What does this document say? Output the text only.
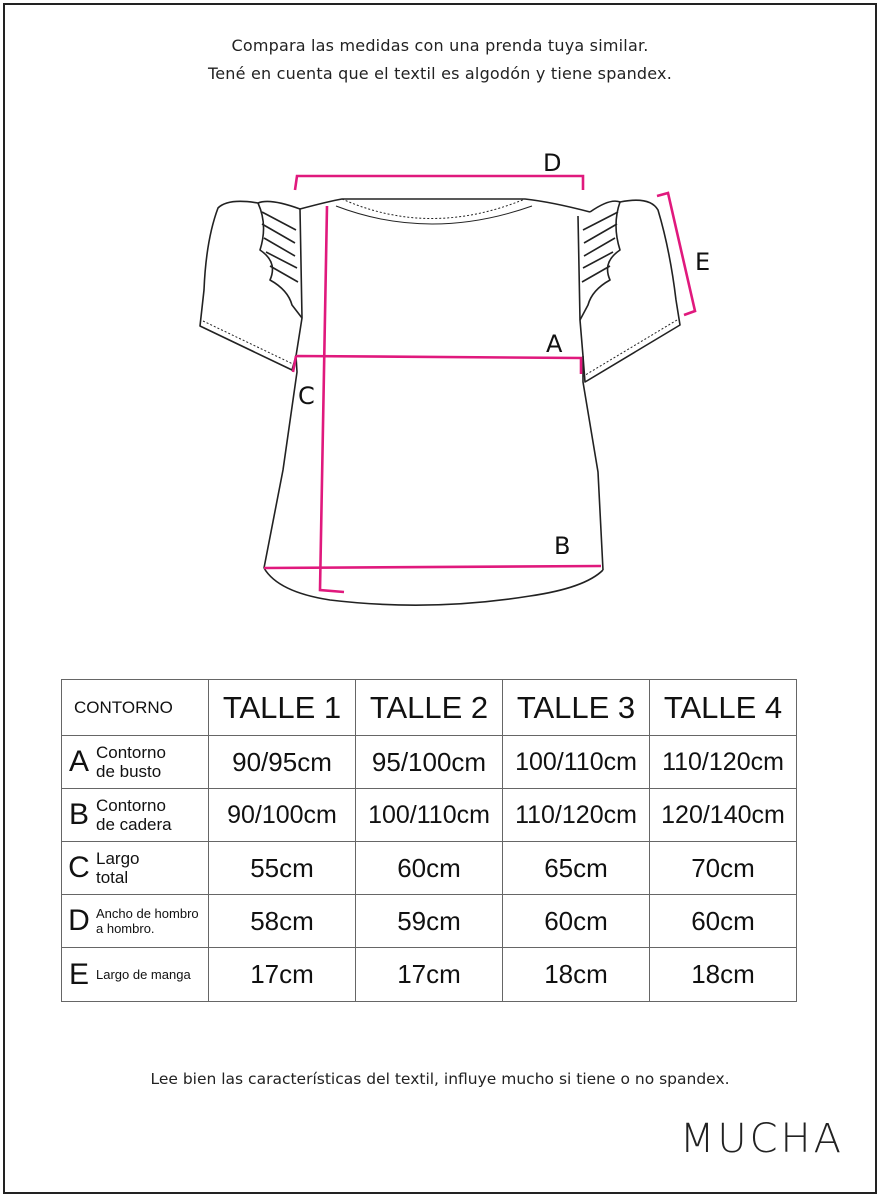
Compara las medidas con una prenda tuya similar.
Tené en cuenta que el textil es algodón y tiene spandex.
D
E
A
C
B
CONTORNO	TALLE 1	TALLE 2	TALLE 3	TALLE 4

A Contorno
de busto	90/95cm	95/100cm	100/110cm	110/120cm

B Contorno
de cadera	90/100cm	100/110cm	110/120cm	120/140cm

C Largo
total	55cm	60cm	65cm	70cm

D Ancho de hombro
a hombro.	58cm	59cm	60cm	60cm

E Largo de manga	17cm	17cm	18cm	18cm
Lee bien las características del textil, influye mucho si tiene o no spandex.
MUCHA
